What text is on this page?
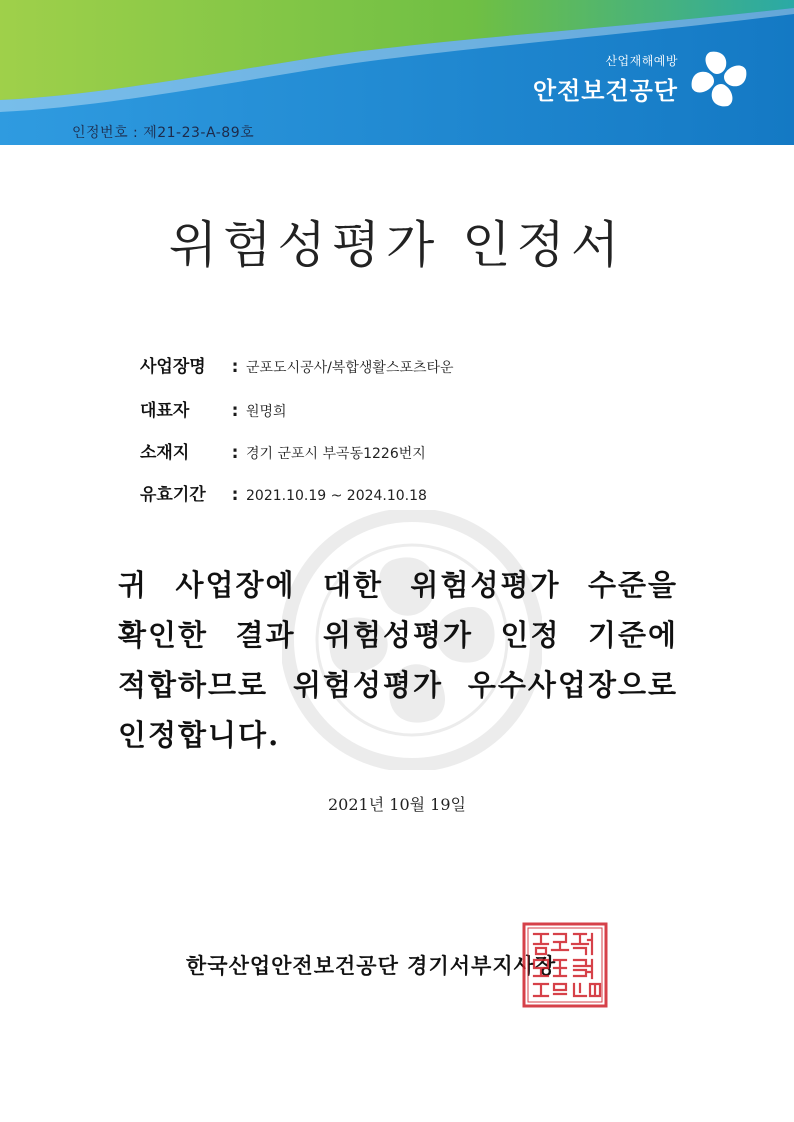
인정번호 : 제21-23-A-89호
산업재해예방
안전보건공단
위험성평가 인정서
사업장명	: 군포도시공사/복합생활스포츠타운
대표자	: 원명희
소재지	: 경기 군포시 부곡동1226번지
유효기간	: 2021.10.19 ~ 2024.10.18
귀 사업장에 대한 위험성평가 수준을
확인한 결과 위험성평가 인정 기준에
적합하므로 위험성평가 우수사업장으로
인정합니다.
2021년 10월 19일
한국산업안전보건공단 경기서부지사장
